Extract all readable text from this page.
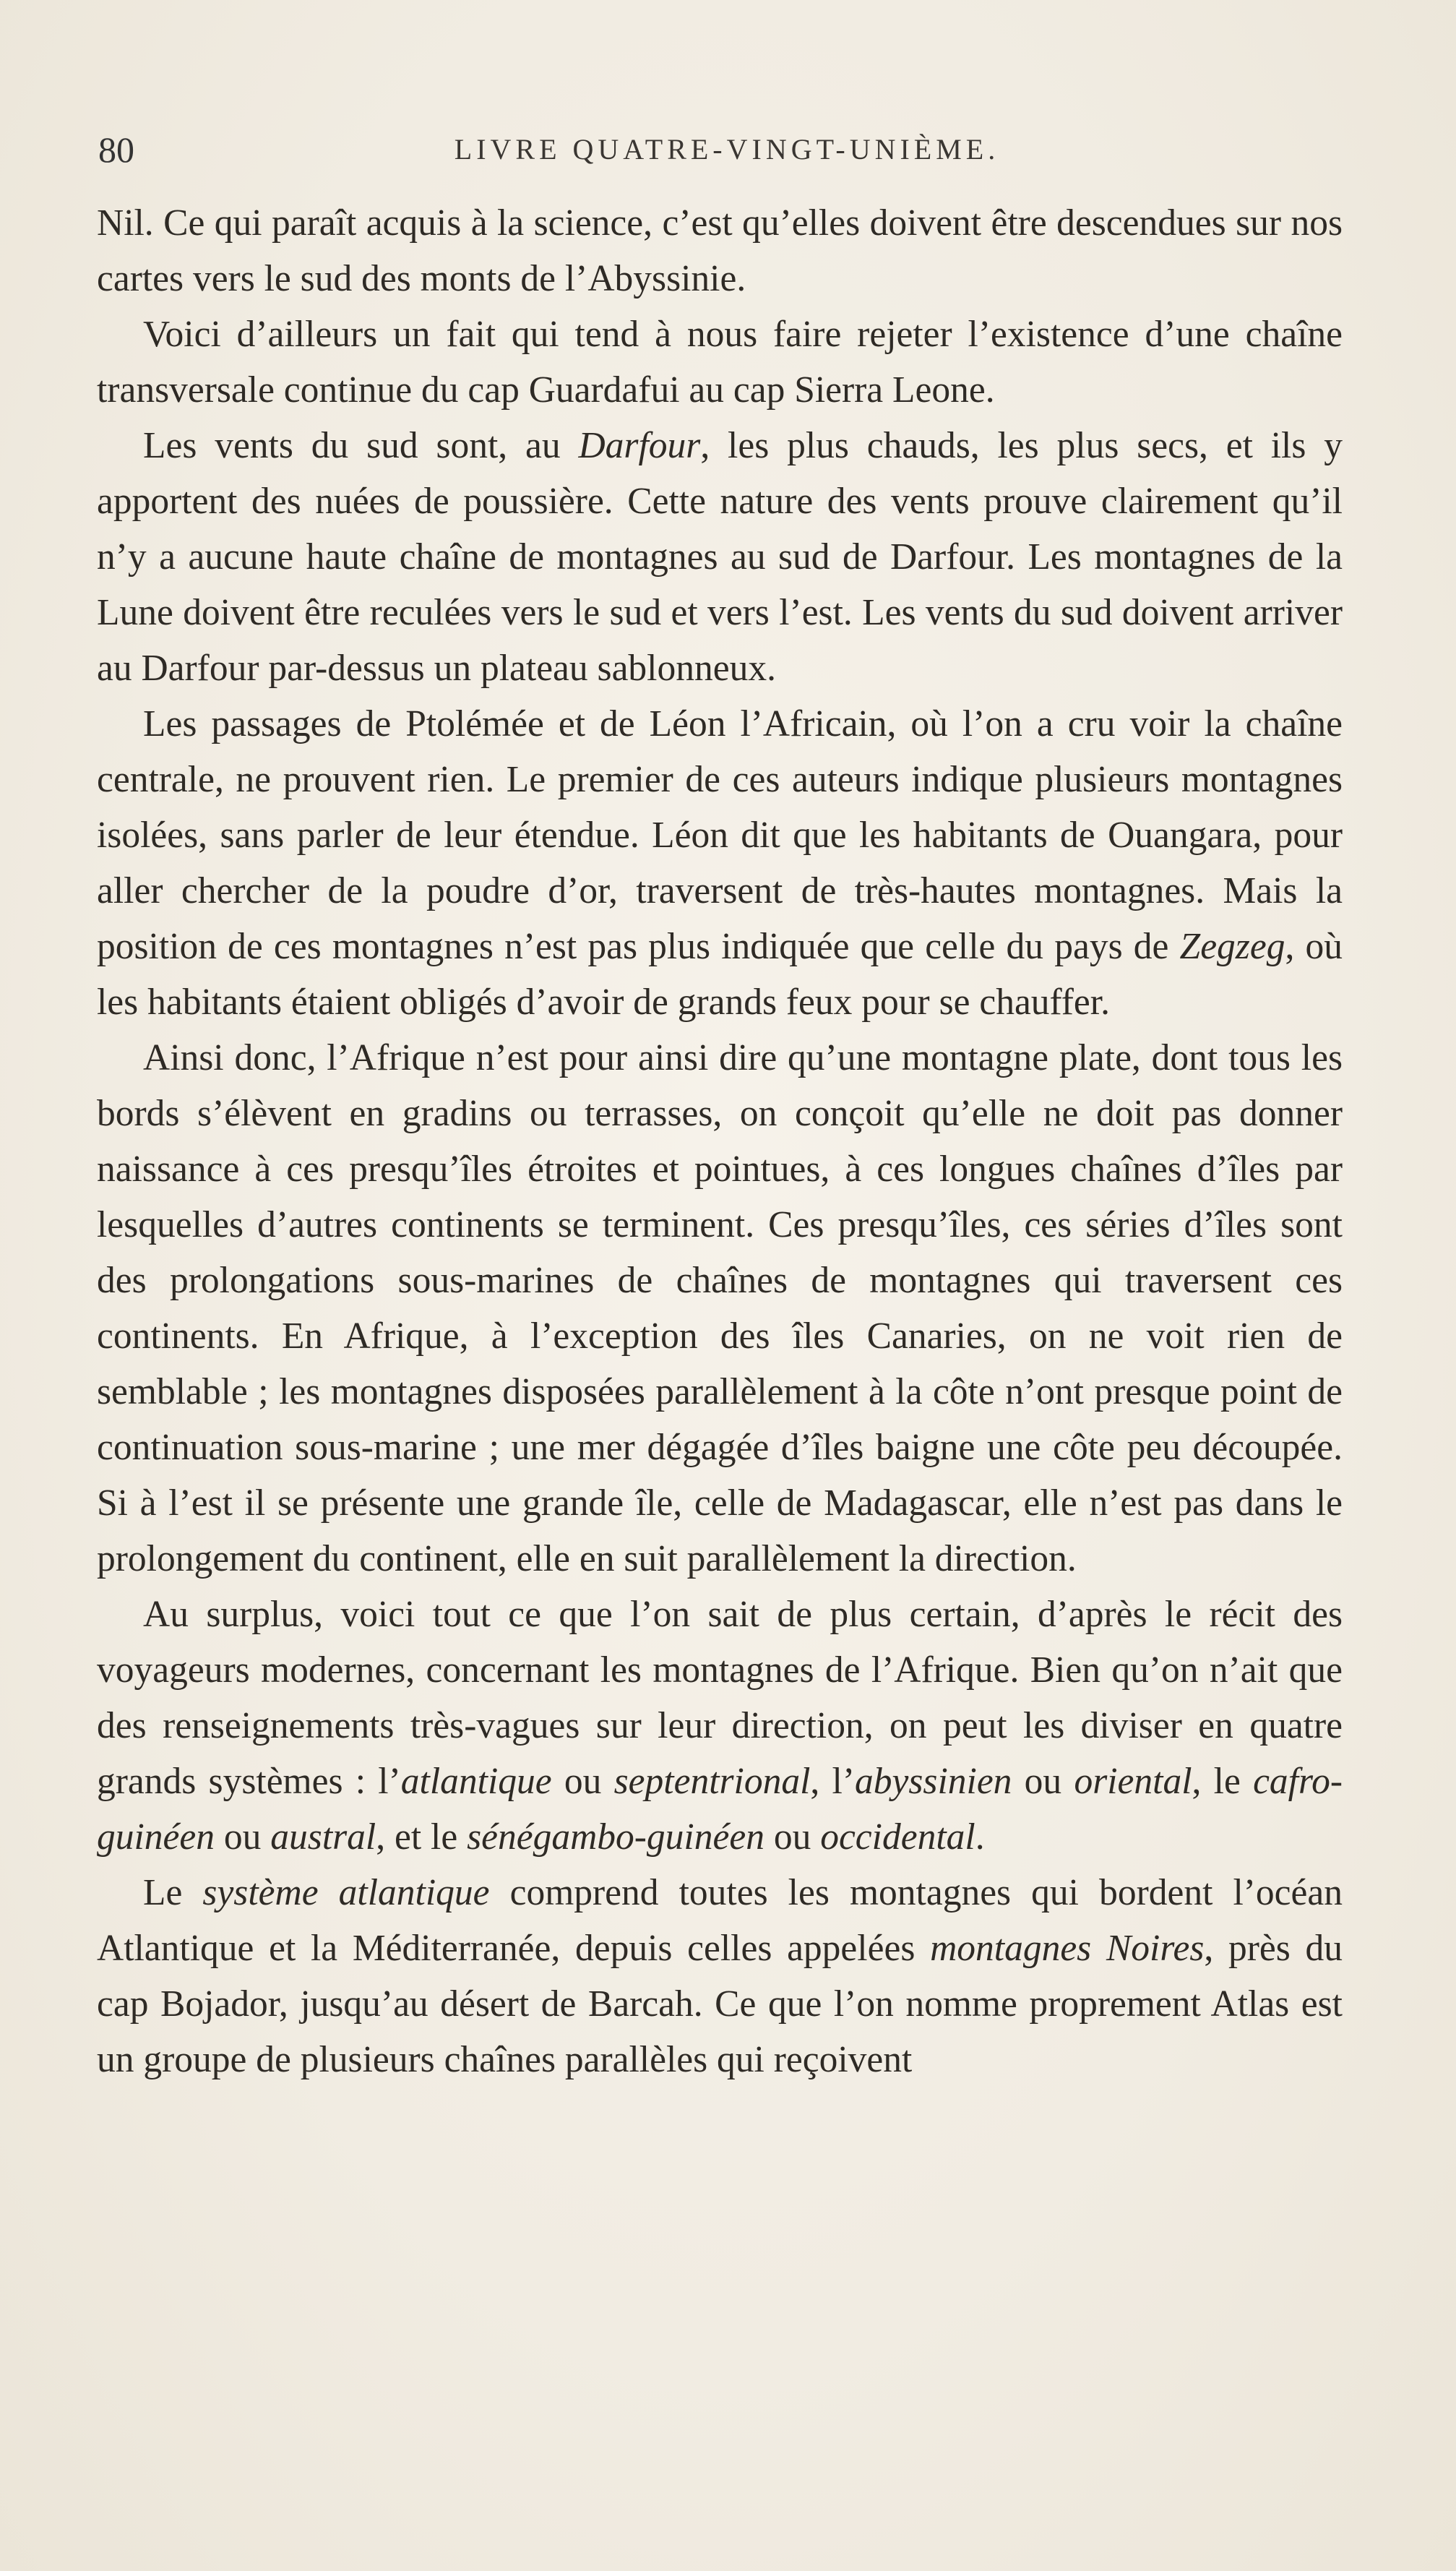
80	LIVRE QUATRE-VINGT-UNIÈME.

Nil. Ce qui paraît acquis à la science, c’est qu’elles doivent être descendues sur nos cartes vers le sud des monts de l’Abyssinie.

Voici d’ailleurs un fait qui tend à nous faire rejeter l’existence d’une chaîne transversale continue du cap Guardafui au cap Sierra Leone.

Les vents du sud sont, au Darfour, les plus chauds, les plus secs, et ils y apportent des nuées de poussière. Cette nature des vents prouve clairement qu’il n’y a aucune haute chaîne de montagnes au sud de Darfour. Les montagnes de la Lune doivent être reculées vers le sud et vers l’est. Les vents du sud doivent arriver au Darfour par-dessus un plateau sablonneux.

Les passages de Ptolémée et de Léon l’Africain, où l’on a cru voir la chaîne centrale, ne prouvent rien. Le premier de ces auteurs indique plusieurs montagnes isolées, sans parler de leur étendue. Léon dit que les habitants de Ouangara, pour aller chercher de la poudre d’or, traversent de très-hautes montagnes. Mais la position de ces montagnes n’est pas plus indiquée que celle du pays de Zegzeg, où les habitants étaient obligés d’avoir de grands feux pour se chauffer.

Ainsi donc, l’Afrique n’est pour ainsi dire qu’une montagne plate, dont tous les bords s’élèvent en gradins ou terrasses, on conçoit qu’elle ne doit pas donner naissance à ces presqu’îles étroites et pointues, à ces longues chaînes d’îles par lesquelles d’autres continents se terminent. Ces presqu’îles, ces séries d’îles sont des prolongations sous-marines de chaînes de montagnes qui traversent ces continents. En Afrique, à l’exception des îles Canaries, on ne voit rien de semblable ; les montagnes disposées parallèlement à la côte n’ont presque point de continuation sous-marine ; une mer dégagée d’îles baigne une côte peu découpée. Si à l’est il se présente une grande île, celle de Madagascar, elle n’est pas dans le prolongement du continent, elle en suit parallèlement la direction.

Au surplus, voici tout ce que l’on sait de plus certain, d’après le récit des voyageurs modernes, concernant les montagnes de l’Afrique. Bien qu’on n’ait que des renseignements très-vagues sur leur direction, on peut les diviser en quatre grands systèmes : l’atlantique ou septentrional, l’abyssinien ou oriental, le cafro-guinéen ou austral, et le sénégambo-guinéen ou occidental.

Le système atlantique comprend toutes les montagnes qui bordent l’océan Atlantique et la Méditerranée, depuis celles appelées montagnes Noires, près du cap Bojador, jusqu’au désert de Barcah. Ce que l’on nomme proprement Atlas est un groupe de plusieurs chaînes parallèles qui reçoivent
